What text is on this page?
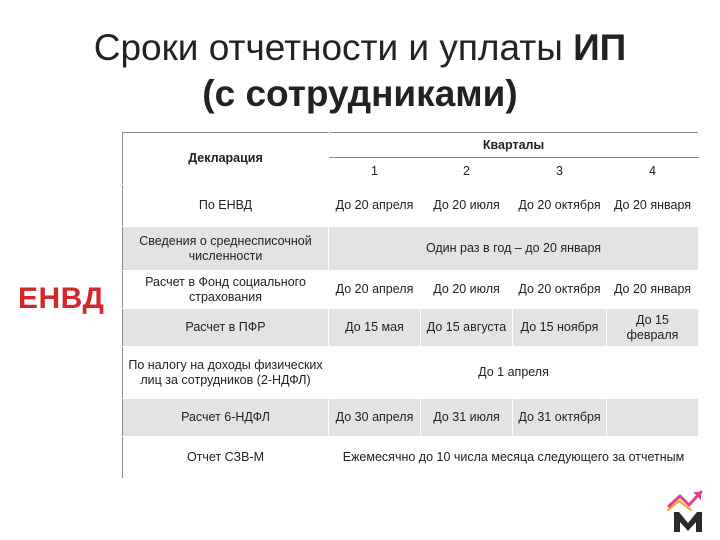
Сроки отчетности и уплаты ИП
(с сотрудниками)
ЕНВД
Декларация	Кварталы			
	1	2	3	4
По ЕНВД	До 20 апреля	До 20 июля	До 20 октября	До 20 января
Сведения о среднесписочной численности	Один раз в год – до 20 января			
Расчет в Фонд социального страхования	До 20 апреля	До 20 июля	До 20 октября	До 20 января
Расчет в ПФР	До 15 мая	До 15 августа	До 15 ноября	До 15 февраля
По налогу на доходы физических лиц за сотрудников (2-НДФЛ)	До 1 апреля			
Расчет 6-НДФЛ	До 30 апреля	До 31 июля	До 31 октября	
Отчет СЗВ-М	Ежемесячно до 10 числа месяца следующего за отчетным			
